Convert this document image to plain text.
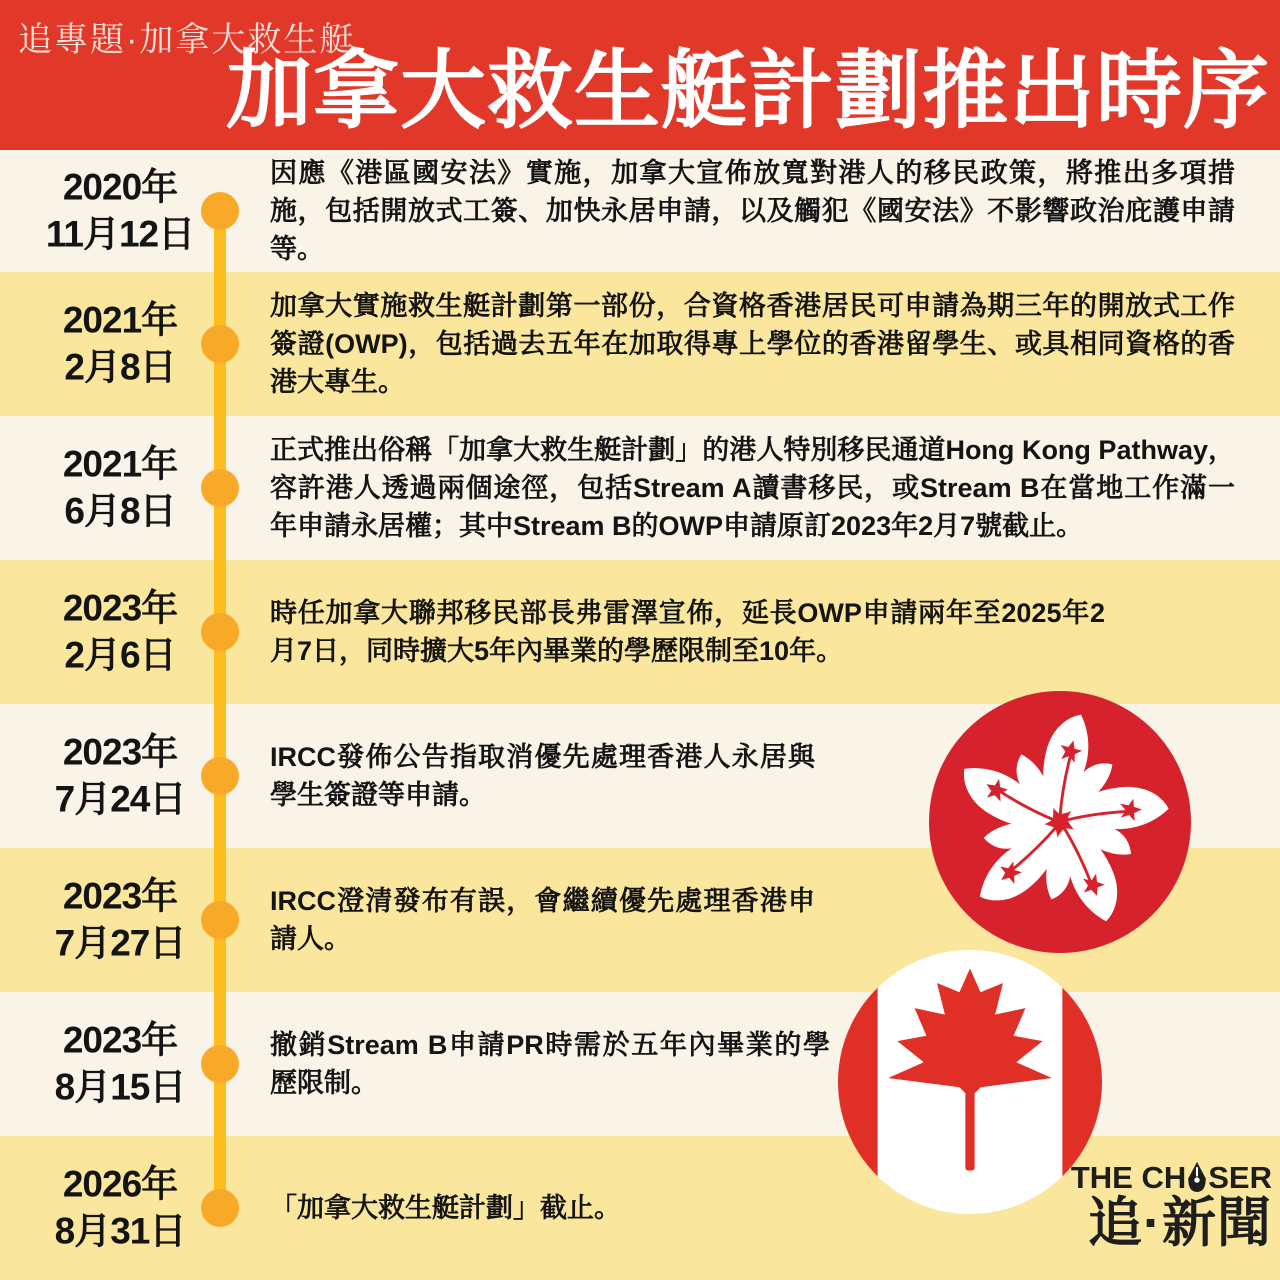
追專題·加拿大救生艇
加拿大救生艇計劃推出時序
2020年
11月12日

因應《港區國安法》實施，加拿大宣佈放寬對港人的移民政策，將推出多項措施，包括開放式工簽、加快永居申請，以及觸犯《國安法》不影響政治庇護申請等。

2021年
2月8日

加拿大實施救生艇計劃第一部份，合資格香港居民可申請為期三年的開放式工作簽證(OWP)，包括過去五年在加取得專上學位的香港留學生、或具相同資格的香港大專生。

2021年
6月8日

正式推出俗稱「加拿大救生艇計劃」的港人特別移民通道Hong Kong Pathway，容許港人透過兩個途徑，包括Stream A讀書移民，或Stream B在當地工作滿一年申請永居權；其中Stream B的OWP申請原訂2023年2月7號截止。

2023年
2月6日

時任加拿大聯邦移民部長弗雷澤宣佈，延長OWP申請兩年至2025年2月7日，同時擴大5年內畢業的學歷限制至10年。

2023年
7月24日

IRCC發佈公告指取消優先處理香港人永居與學生簽證等申請。

2023年
7月27日

IRCC澄清發布有誤，會繼續優先處理香港申請人。

2023年
8月15日

撤銷Stream B申請PR時需於五年內畢業的學歷限制。

2026年
8月31日

「加拿大救生艇計劃」截止。

THE CH SER
追·新聞
